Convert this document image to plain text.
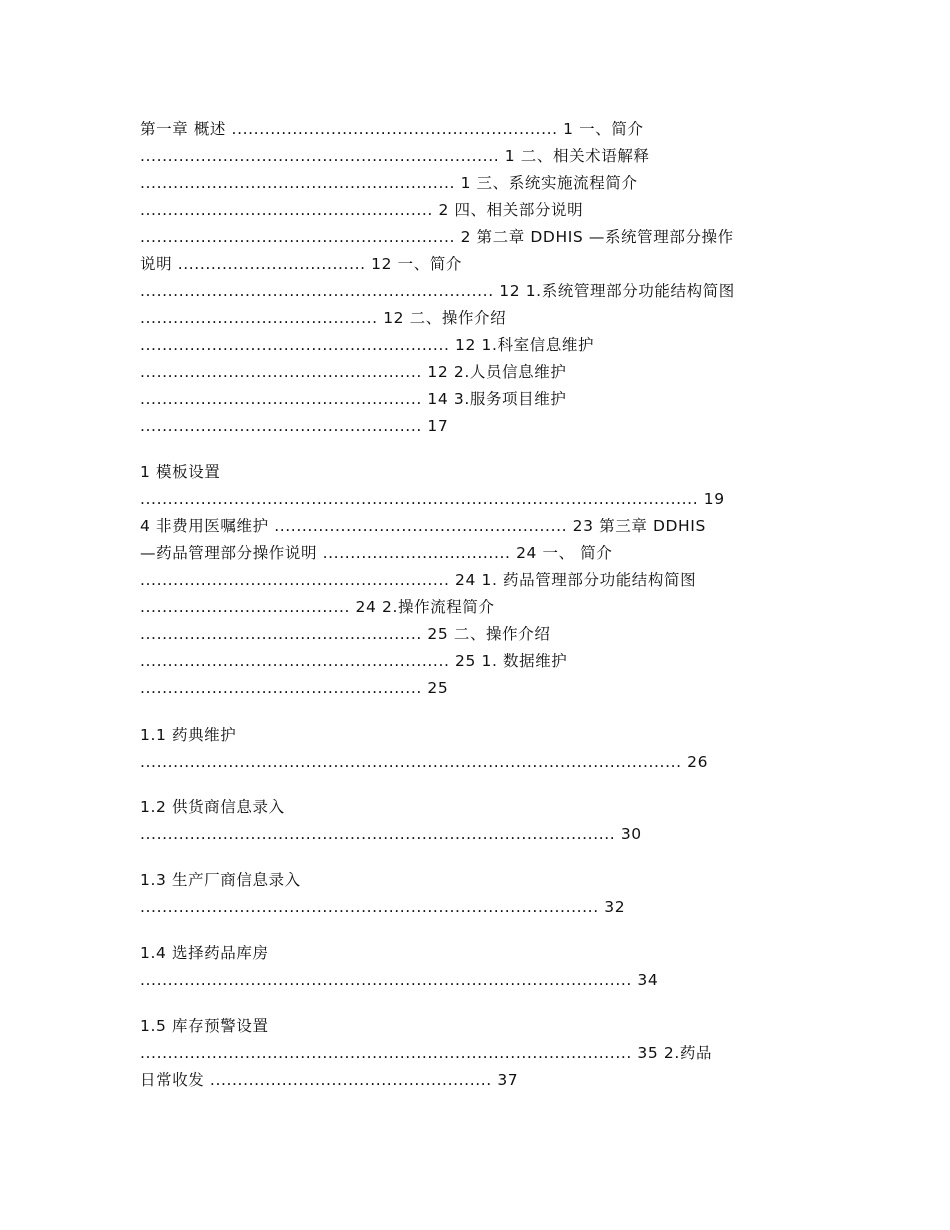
第一章 概述 ........................................................... 1 一、简介
................................................................. 1 二、相关术语解释
......................................................... 1 三、系统实施流程简介
..................................................... 2 四、相关部分说明
......................................................... 2 第二章 DDHIS —系统管理部分操作
说明 .................................. 12 一、简介
................................................................ 12 1.系统管理部分功能结构简图
........................................... 12 二、操作介绍
........................................................ 12 1.科室信息维护
................................................... 12 2.人员信息维护
................................................... 14 3.服务项目维护
................................................... 17
1 模板设置
..................................................................................................... 19
4 非费用医嘱维护 ..................................................... 23 第三章 DDHIS
—药品管理部分操作说明 .................................. 24 一、 简介
........................................................ 24 1. 药品管理部分功能结构简图
...................................... 24 2.操作流程简介
................................................... 25 二、操作介绍
........................................................ 25 1. 数据维护
................................................... 25
1.1 药典维护
.................................................................................................. 26
1.2 供货商信息录入
...................................................................................... 30
1.3 生产厂商信息录入
................................................................................... 32
1.4 选择药品库房
......................................................................................... 34
1.5 库存预警设置
......................................................................................... 35 2.药品
日常收发 ................................................... 37
